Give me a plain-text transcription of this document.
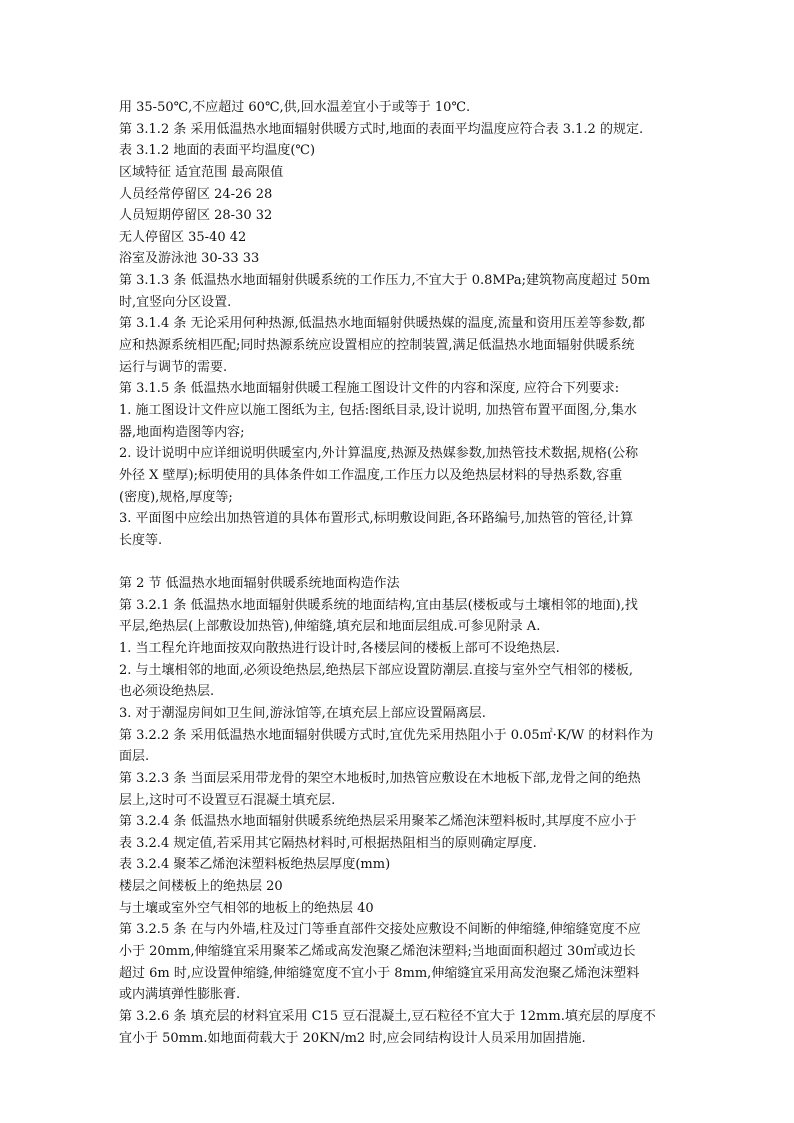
用 35-50℃,不应超过 60℃,供,回水温差宜小于或等于 10℃.
第 3.1.2 条 采用低温热水地面辐射供暖方式时,地面的表面平均温度应符合表 3.1.2 的规定.
表 3.1.2 地面的表面平均温度(℃)
区域特征 适宜范围 最高限值
人员经常停留区 24-26 28
人员短期停留区 28-30 32
无人停留区 35-40 42
浴室及游泳池 30-33 33
第 3.1.3 条 低温热水地面辐射供暖系统的工作压力,不宜大于 0.8MPa;建筑物高度超过 50m
时,宜竖向分区设置.
第 3.1.4 条 无论采用何种热源,低温热水地面辐射供暖热媒的温度,流量和资用压差等参数,都
应和热源系统相匹配;同时热源系统应设置相应的控制装置,满足低温热水地面辐射供暖系统
运行与调节的需要.
第 3.1.5 条 低温热水地面辐射供暖工程施工图设计文件的内容和深度, 应符合下列要求:
1. 施工图设计文件应以施工图纸为主, 包括:图纸目录,设计说明, 加热管布置平面图,分,集水
器,地面构造图等内容;
2. 设计说明中应详细说明供暖室内,外计算温度,热源及热媒参数,加热管技术数据,规格(公称
外径 X 壁厚);标明使用的具体条件如工作温度,工作压力以及绝热层材料的导热系数,容重
(密度),规格,厚度等;
3. 平面图中应绘出加热管道的具体布置形式,标明敷设间距,各环路编号,加热管的管径,计算
长度等.
第 2 节 低温热水地面辐射供暖系统地面构造作法
第 3.2.1 条 低温热水地面辐射供暖系统的地面结构,宜由基层(楼板或与土壤相邻的地面),找
平层,绝热层(上部敷设加热管),伸缩缝,填充层和地面层组成.可参见附录 A.
1. 当工程允许地面按双向散热进行设计时,各楼层间的楼板上部可不设绝热层.
2. 与土壤相邻的地面,必须设绝热层,绝热层下部应设置防潮层.直接与室外空气相邻的楼板,
也必须设绝热层.
3. 对于潮湿房间如卫生间,游泳馆等,在填充层上部应设置隔离层.
第 3.2.2 条 采用低温热水地面辐射供暖方式时,宜优先采用热阻小于 0.05㎡·K/W 的材料作为
面层.
第 3.2.3 条 当面层采用带龙骨的架空木地板时,加热管应敷设在木地板下部,龙骨之间的绝热
层上,这时可不设置豆石混凝土填充层.
第 3.2.4 条 低温热水地面辐射供暖系统绝热层采用聚苯乙烯泡沫塑料板时,其厚度不应小于
表 3.2.4 规定值,若采用其它隔热材料时,可根据热阻相当的原则确定厚度.
表 3.2.4 聚苯乙烯泡沫塑料板绝热层厚度(mm)
楼层之间楼板上的绝热层 20
与土壤或室外空气相邻的地板上的绝热层 40
第 3.2.5 条 在与内外墙,柱及过门等垂直部件交接处应敷设不间断的伸缩缝,伸缩缝宽度不应
小于 20mm,伸缩缝宜采用聚苯乙烯或高发泡聚乙烯泡沫塑料;当地面面积超过 30㎡或边长
超过 6m 时,应设置伸缩缝,伸缩缝宽度不宜小于 8mm,伸缩缝宜采用高发泡聚乙烯泡沫塑料
或内满填弹性膨胀膏.
第 3.2.6 条 填充层的材料宜采用 C15 豆石混凝土,豆石粒径不宜大于 12mm.填充层的厚度不
宜小于 50mm.如地面荷载大于 20KN/m2 时,应会同结构设计人员采用加固措施.
